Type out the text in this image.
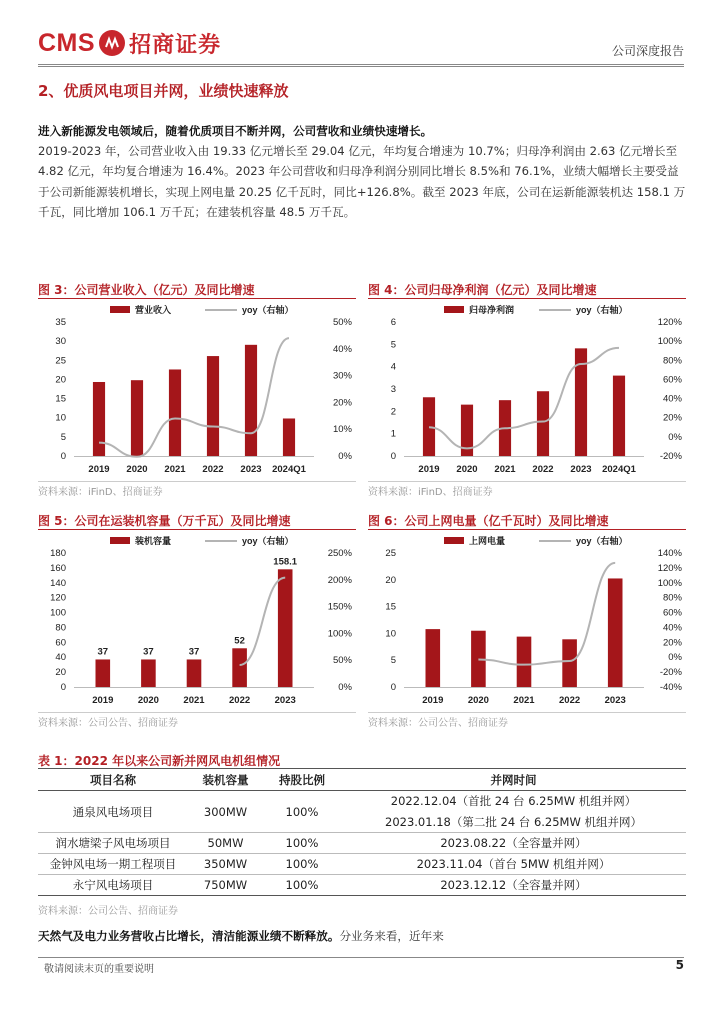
CMS 招商证券	公司深度报告
2、优质风电项目并网，业绩快速释放
进入新能源发电领域后，随着优质项目不断并网，公司营收和业绩快速增长。
2019-2023 年，公司营业收入由 19.33 亿元增长至 29.04 亿元，年均复合增速为 10.7%；归母净利润由 2.63 亿元增长至 4.82 亿元，年均复合增速为 16.4%。2023 年公司营收和归母净利润分别同比增长 8.5%和 76.1%，业绩大幅增长主要受益于公司新能源装机增长，实现上网电量 20.25 亿千瓦时，同比+126.8%。截至 2023 年底，公司在运新能源装机达 158.1 万千瓦，同比增加 106.1 万千瓦；在建装机容量 48.5 万千瓦。
图 3：公司营业收入（亿元）及同比增速
营业收入	yoy（右轴）
35
30
25
20
15
10
5
0
50%
40%
30%
20%
10%
0%
2019 2020 2021 2022 2023 2024Q1
资料来源：iFinD、招商证券
图 4：公司归母净利润（亿元）及同比增速
归母净利润	yoy（右轴）
6
5
4
3
2
1
0
120%
100%
80%
60%
40%
20%
0%
-20%
2019 2020 2021 2022 2023 2024Q1
资料来源：iFinD、招商证券
图 5：公司在运装机容量（万千瓦）及同比增速
装机容量	yoy（右轴）
180
160
140
120
100
80
60
40
20
0
250%
200%
150%
100%
50%
0%
37	37	37
52
158.1
2019	2020	2021	2022	2023
资料来源：公司公告、招商证券
图 6：公司上网电量（亿千瓦时）及同比增速
上网电量	yoy（右轴）
25
20
15
10
5
0
140%
120%
100%
80%
60%
40%
20%
0%
-20%
-40%
2019	2020	2021	2022	2023
资料来源：公司公告、招商证券
表 1：2022 年以来公司新并网风电机组情况
项目名称	装机容量	持股比例	并网时间
通泉风电场项目	300MW	100%	2022.12.04（首批 24 台 6.25MW 机组并网）
			2023.01.18（第二批 24 台 6.25MW 机组并网）
润水塘梁子风电场项目	50MW	100%	2023.08.22（全容量并网）
金钟风电场一期工程项目	350MW	100%	2023.11.04（首台 5MW 机组并网）
永宁风电场项目	750MW	100%	2023.12.12（全容量并网）
资料来源：公司公告、招商证券
天然气及电力业务营收占比增长，清洁能源业绩不断释放。分业务来看，近年来
敬请阅读末页的重要说明	5
